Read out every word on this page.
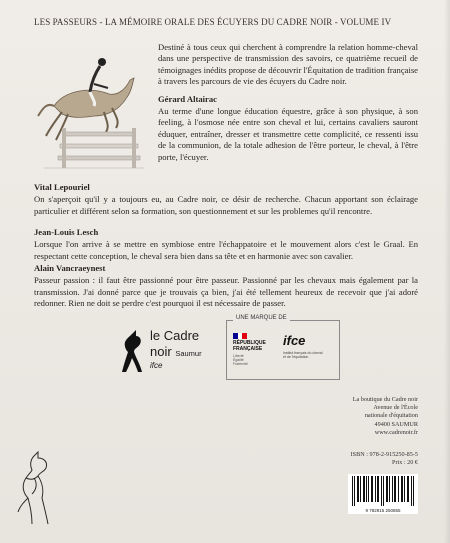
LES PASSEURS - LA MÉMOIRE ORALE DES ÉCUYERS DU CADRE NOIR - VOLUME IV

Destiné à tous ceux qui cherchent à comprendre la relation homme-cheval dans une perspective de transmission des savoirs, ce quatrième recueil de témoignages inédits propose de découvrir l'Équitation de tradition française à travers les parcours de vie des écuyers du Cadre noir.

Gérard Altairac

Au terme d'une longue éducation équestre, grâce à son physique, à son feeling, à l'osmose née entre son cheval et lui, certains cavaliers sauront éduquer, entraîner, dresser et transmettre cette complicité, ce ressenti issu de la communion, de la totale adhesion de l'être porteur, le cheval, à l'être porte, l'écuyer.

Vital Lepouriel

On s'aperçoit qu'il y a toujours eu, au Cadre noir, ce désir de recherche. Chacun apportant son éclairage particulier et différent selon sa formation, son questionnement et sur les problemes qu'il rencontre.

Jean-Louis Lesch

Lorsque l'on arrive à se mettre en symbiose entre l'échappatoire et le mouvement alors c'est le Graal. En respectant cette conception, le cheval sera bien dans sa tête et en harmonie avec son cavalier.

Alain Vancraeynest

Passeur passion : il faut être passionné pour être passeur. Passionné par les chevaux mais également par la transmission. J'ai donné parce que je trouvais ça bien, j'ai été tellement heureux de recevoir que j'ai adoré redonner. Rien ne doit se perdre c'est pourquoi il est nécessaire de passer.

le Cadre
noir Saumur
ifce
UNE MARQUE DE
RÉPUBLIQUE
FRANÇAISE
Liberté
Égalité
Fraternité
ifce
Institut français du cheval et de l'équitation
La boutique du Cadre noir
Avenue de l'École
nationale d'équitation
49400 SAUMUR
www.cadrenoir.fr
ISBN : 978-2-915250-85-5
Prix : 20 €
9 782915 250855
